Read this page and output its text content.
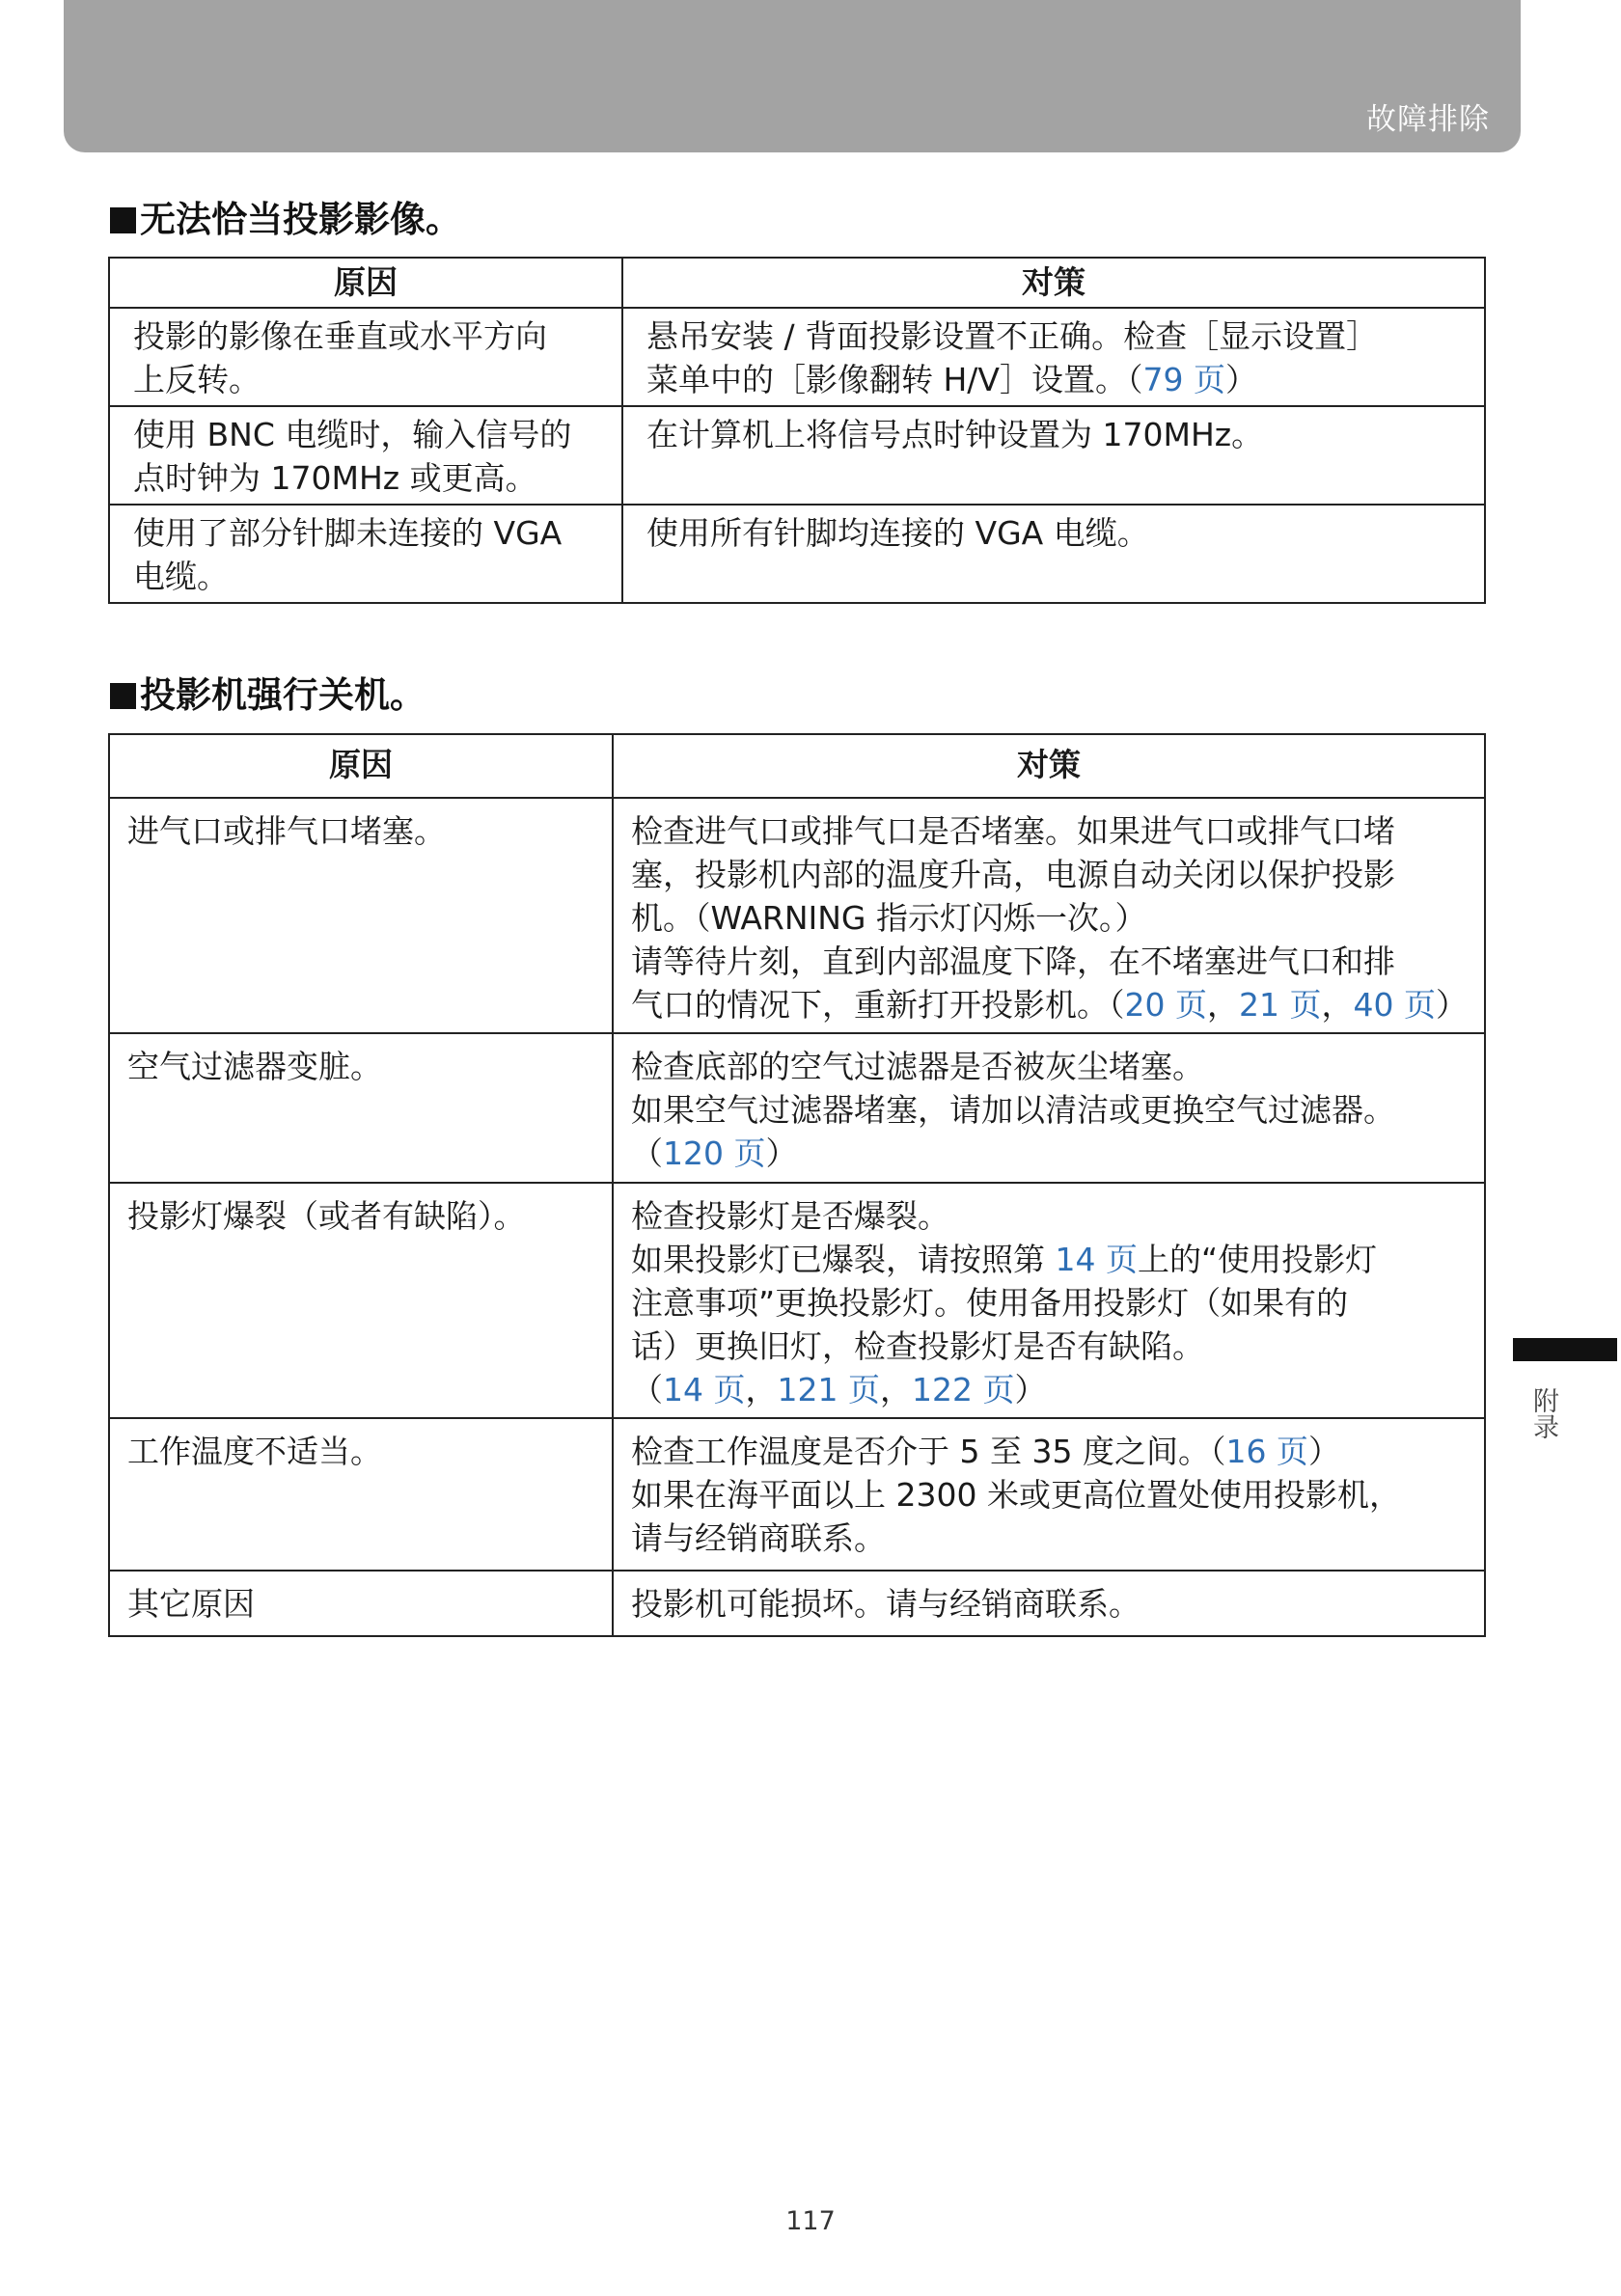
故障排除
无法恰当投影影像。
原因	对策

投影的影像在垂直或水平方向
上反转。	悬吊安装 / 背面投影设置不正确。检查［显示设置］
菜单中的［影像翻转 H/V］设置。（79 页）

使用 BNC 电缆时，输入信号的
点时钟为 170MHz 或更高。	在计算机上将信号点时钟设置为 170MHz。

使用了部分针脚未连接的 VGA
电缆。	使用所有针脚均连接的 VGA 电缆。
投影机强行关机。
原因	对策

进气口或排气口堵塞。	检查进气口或排气口是否堵塞。如果进气口或排气口堵
塞，投影机内部的温度升高，电源自动关闭以保护投影
机。（WARNING 指示灯闪烁一次。）
请等待片刻，直到内部温度下降，在不堵塞进气口和排
气口的情况下，重新打开投影机。（20 页，21 页，40 页）

空气过滤器变脏。	检查底部的空气过滤器是否被灰尘堵塞。
如果空气过滤器堵塞，请加以清洁或更换空气过滤器。
（120 页）

投影灯爆裂（或者有缺陷）。	检查投影灯是否爆裂。
如果投影灯已爆裂，请按照第 14 页上的“使用投影灯
注意事项”更换投影灯。使用备用投影灯（如果有的
话）更换旧灯，检查投影灯是否有缺陷。
（14 页，121 页，122 页）

工作温度不适当。	检查工作温度是否介于 5 至 35 度之间。（16 页）
如果在海平面以上 2300 米或更高位置处使用投影机，
请与经销商联系。

其它原因	投影机可能损坏。请与经销商联系。
附录
117
